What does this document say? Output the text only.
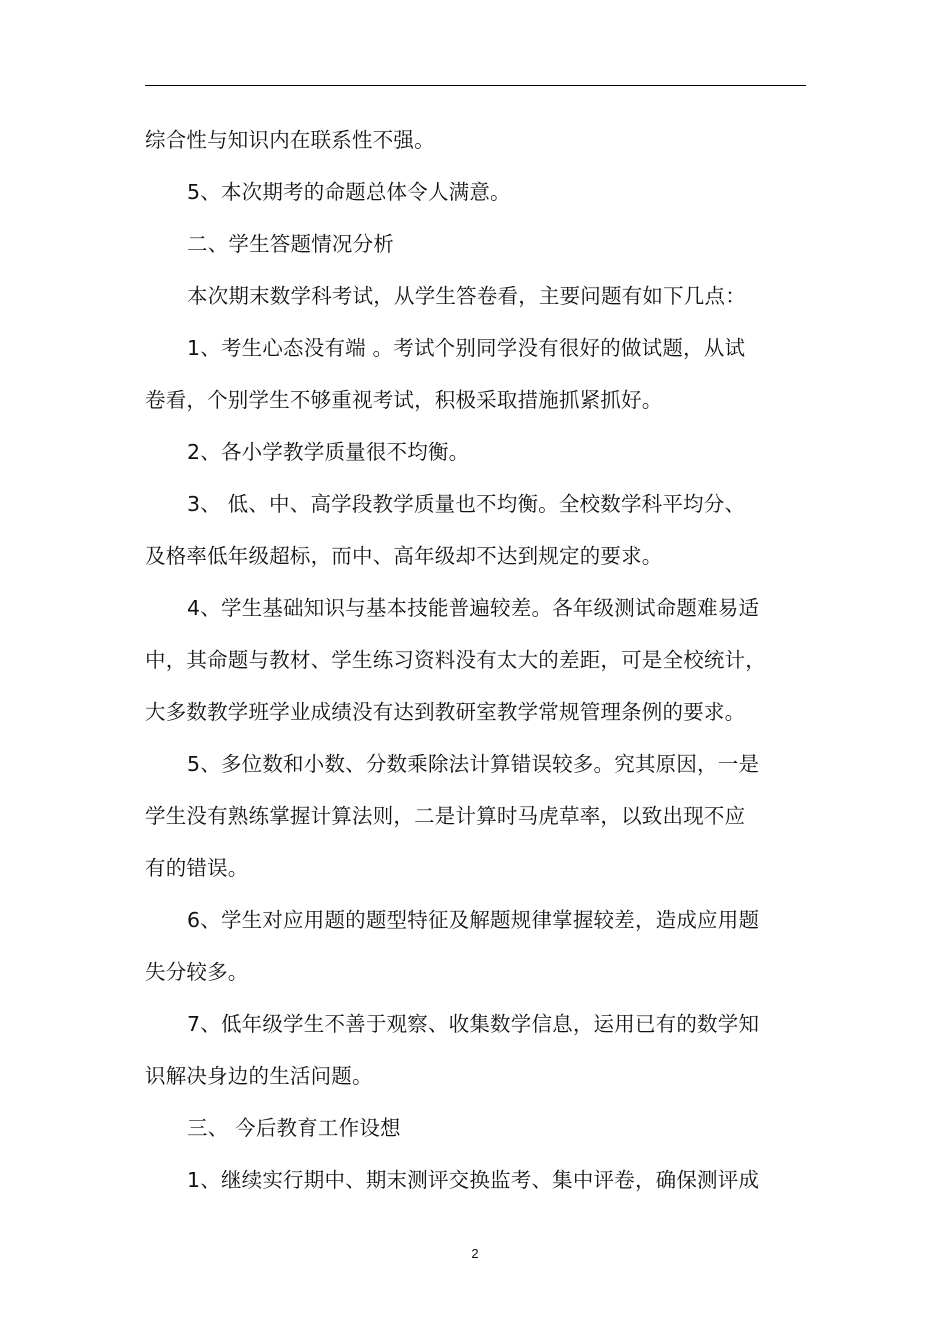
综合性与知识内在联系性不强。

5、本次期考的命题总体令人满意。

二、学生答题情况分析

本次期末数学科考试，从学生答卷看，主要问题有如下几点：

1、考生心态没有端 。考试个别同学没有很好的做试题，从试

卷看，个别学生不够重视考试，积极采取措施抓紧抓好。

2、各小学教学质量很不均衡。

3、 低、中、高学段教学质量也不均衡。全校数学科平均分、

及格率低年级超标，而中、高年级却不达到规定的要求。

4、学生基础知识与基本技能普遍较差。各年级测试命题难易适

中，其命题与教材、学生练习资料没有太大的差距，可是全校统计，

大多数教学班学业成绩没有达到教研室教学常规管理条例的要求。

5、多位数和小数、分数乘除法计算错误较多。究其原因，一是

学生没有熟练掌握计算法则，二是计算时马虎草率，以致出现不应

有的错误。

6、学生对应用题的题型特征及解题规律掌握较差，造成应用题

失分较多。

7、低年级学生不善于观察、收集数学信息，运用已有的数学知

识解决身边的生活问题。

三、 今后教育工作设想

1、继续实行期中、期末测评交换监考、集中评卷，确保测评成

2
